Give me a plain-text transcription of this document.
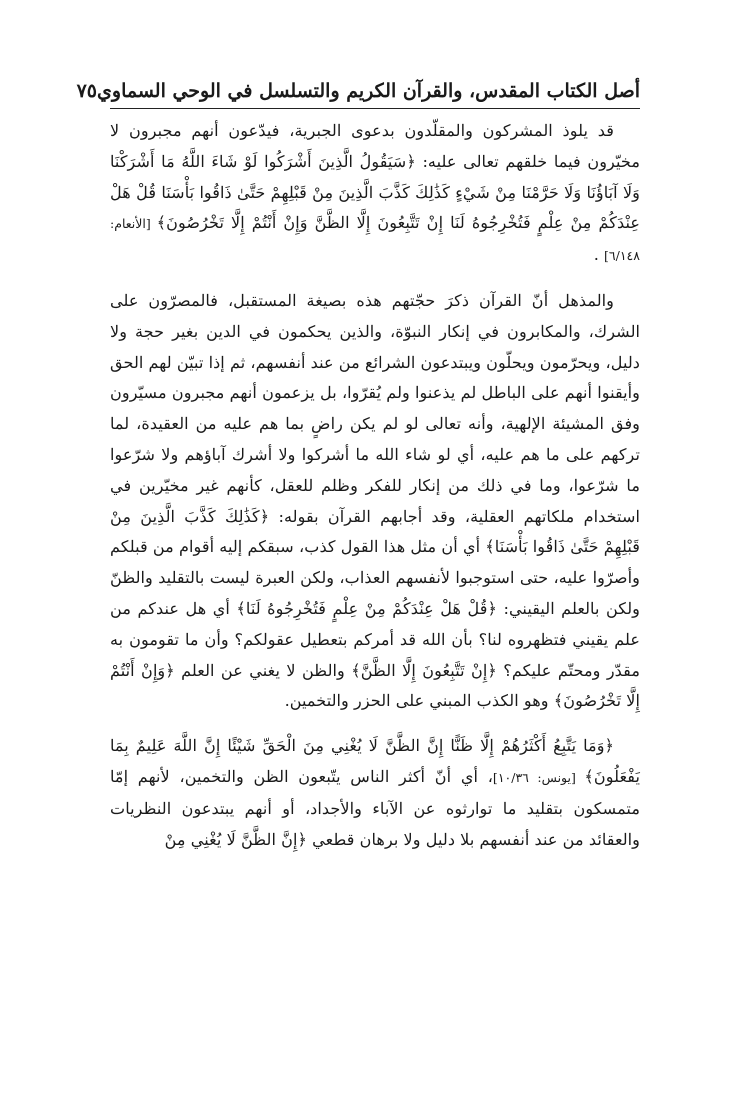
أصل الكتاب المقدس، والقرآن الكريم والتسلسل في الوحي السماوي
٧٥

قد يلوذ المشركون والمقلّدون بدعوى الجبرية، فيدّعون أنهم مجبرون لا مخيّرون فيما خلقهم تعالى عليه: ﴿سَيَقُولُ الَّذِينَ أَشْرَكُوا لَوْ شَاءَ اللَّهُ مَا أَشْرَكْنَا وَلَا آبَاؤُنَا وَلَا حَرَّمْنَا مِنْ شَيْءٍ كَذَٰلِكَ كَذَّبَ الَّذِينَ مِنْ قَبْلِهِمْ حَتَّىٰ ذَاقُوا بَأْسَنَا قُلْ هَلْ عِنْدَكُمْ مِنْ عِلْمٍ فَتُخْرِجُوهُ لَنَا إِنْ تَتَّبِعُونَ إِلَّا الظَّنَّ وَإِنْ أَنْتُمْ إِلَّا تَخْرُصُونَ﴾ [الأنعام: ٦/١٤٨] .

والمذهل أنّ القرآن ذكرَ حجّتهم هذه بصيغة المستقبل، فالمصرّون على الشرك، والمكابرون في إنكار النبوّة، والذين يحكمون في الدين بغير حجة ولا دليل، ويحرّمون ويحلّون ويبتدعون الشرائع من عند أنفسهم، ثم إذا تبيّن لهم الحق وأيقنوا أنهم على الباطل لم يذعنوا ولم يُقرّوا، بل يزعمون أنهم مجبرون مسيّرون وفق المشيئة الإلهية، وأنه تعالى لو لم يكن راضٍ بما هم عليه من العقيدة، لما تركهم على ما هم عليه، أي لو شاء الله ما أشركوا ولا أشرك آباؤهم ولا شرّعوا ما شرّعوا، وما في ذلك من إنكار للفكر وظلم للعقل، كأنهم غير مخيّرين في استخدام ملكاتهم العقلية، وقد أجابهم القرآن بقوله: ﴿كَذَٰلِكَ كَذَّبَ الَّذِينَ مِنْ قَبْلِهِمْ حَتَّىٰ ذَاقُوا بَأْسَنَا﴾ أي أن مثل هذا القول كذب، سبقكم إليه أقوام من قبلكم وأصرّوا عليه، حتى استوجبوا لأنفسهم العذاب، ولكن العبرة ليست بالتقليد والظنّ ولكن بالعلم اليقيني: ﴿قُلْ هَلْ عِنْدَكُمْ مِنْ عِلْمٍ فَتُخْرِجُوهُ لَنَا﴾ أي هل عندكم من علم يقيني فتظهروه لنا؟ بأن الله قد أمركم بتعطيل عقولكم؟ وأن ما تقومون به مقدّر ومحتّم عليكم؟ ﴿إِنْ تَتَّبِعُونَ إِلَّا الظَّنَّ﴾ والظن لا يغني عن العلم ﴿وَإِنْ أَنْتُمْ إِلَّا تَخْرُصُونَ﴾ وهو الكذب المبني على الحزر والتخمين.

﴿وَمَا يَتَّبِعُ أَكْثَرُهُمْ إِلَّا ظَنًّا إِنَّ الظَّنَّ لَا يُغْنِي مِنَ الْحَقِّ شَيْئًا إِنَّ اللَّهَ عَلِيمٌ بِمَا يَفْعَلُونَ﴾ [يونس: ١٠/٣٦]، أي أنّ أكثر الناس يتّبعون الظن والتخمين، لأنهم إمّا متمسكون بتقليد ما توارثوه عن الآباء والأجداد، أو أنهم يبتدعون النظريات والعقائد من عند أنفسهم بلا دليل ولا برهان قطعي ﴿إِنَّ الظَّنَّ لَا يُغْنِي مِنْ
